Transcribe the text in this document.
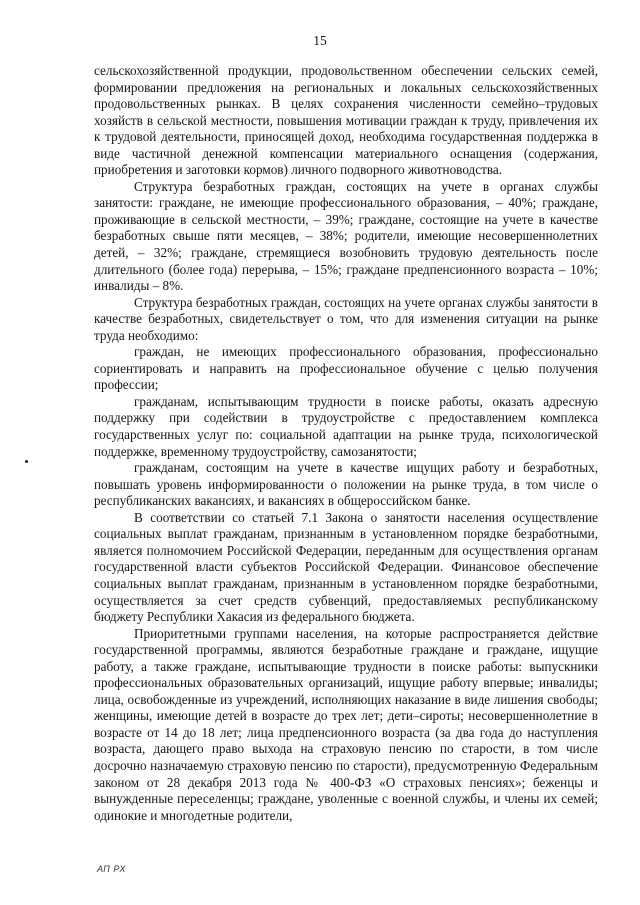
15

сельскохозяйственной продукции, продовольственном обеспечении сельских семей, формировании предложения на региональных и локальных сельскохозяйственных продовольственных рынках. В целях сохранения численности семейно–трудовых хозяйств в сельской местности, повышения мотивации граждан к труду, привлечения их к трудовой деятельности, приносящей доход, необходима государственная поддержка в виде частичной денежной компенсации материального оснащения (содержания, приобретения и заготовки кормов) личного подворного животноводства.

Структура безработных граждан, состоящих на учете в органах службы занятости: граждане, не имеющие профессионального образования, – 40%; граждане, проживающие в сельской местности, – 39%; граждане, состоящие на учете в качестве безработных свыше пяти месяцев, – 38%; родители, имеющие несовершеннолетних детей, – 32%; граждане, стремящиеся возобновить трудовую деятельность после длительного (более года) перерыва, – 15%; граждане предпенсионного возраста – 10%; инвалиды – 8%.

Структура безработных граждан, состоящих на учете органах службы занятости в качестве безработных, свидетельствует о том, что для изменения ситуации на рынке труда необходимо:

граждан, не имеющих профессионального образования, профессионально сориентировать и направить на профессиональное обучение с целью получения профессии;

гражданам, испытывающим трудности в поиске работы, оказать адресную поддержку при содействии в трудоустройстве с предоставлением комплекса государственных услуг по: социальной адаптации на рынке труда, психологической поддержке, временному трудоустройству, самозанятости;

гражданам, состоящим на учете в качестве ищущих работу и безработных, повышать уровень информированности о положении на рынке труда, в том числе о республиканских вакансиях, и вакансиях в общероссийском банке.

В соответствии со статьей 7.1 Закона о занятости населения осуществление социальных выплат гражданам, признанным в установленном порядке безработными, является полномочием Российской Федерации, переданным для осуществления органам государственной власти субъектов Российской Федерации. Финансовое обеспечение социальных выплат гражданам, признанным в установленном порядке безработными, осуществляется за счет средств субвенций, предоставляемых республиканскому бюджету Республики Хакасия из федерального бюджета.

Приоритетными группами населения, на которые распространяется действие государственной программы, являются безработные граждане и граждане, ищущие работу, а также граждане, испытывающие трудности в поиске работы: выпускники профессиональных образовательных организаций, ищущие работу впервые; инвалиды; лица, освобожденные из учреждений, исполняющих наказание в виде лишения свободы; женщины, имеющие детей в возрасте до трех лет; дети–сироты; несовершеннолетние в возрасте от 14 до 18 лет; лица предпенсионного возраста (за два года до наступления возраста, дающего право выхода на страховую пенсию по старости, в том числе досрочно назначаемую страховую пенсию по старости), предусмотренную Федеральным законом от 28 декабря 2013 года № 400-ФЗ «О страховых пенсиях»; беженцы и вынужденные переселенцы; граждане, уволенные с военной службы, и члены их семей; одинокие и многодетные родители,

АП РХ
